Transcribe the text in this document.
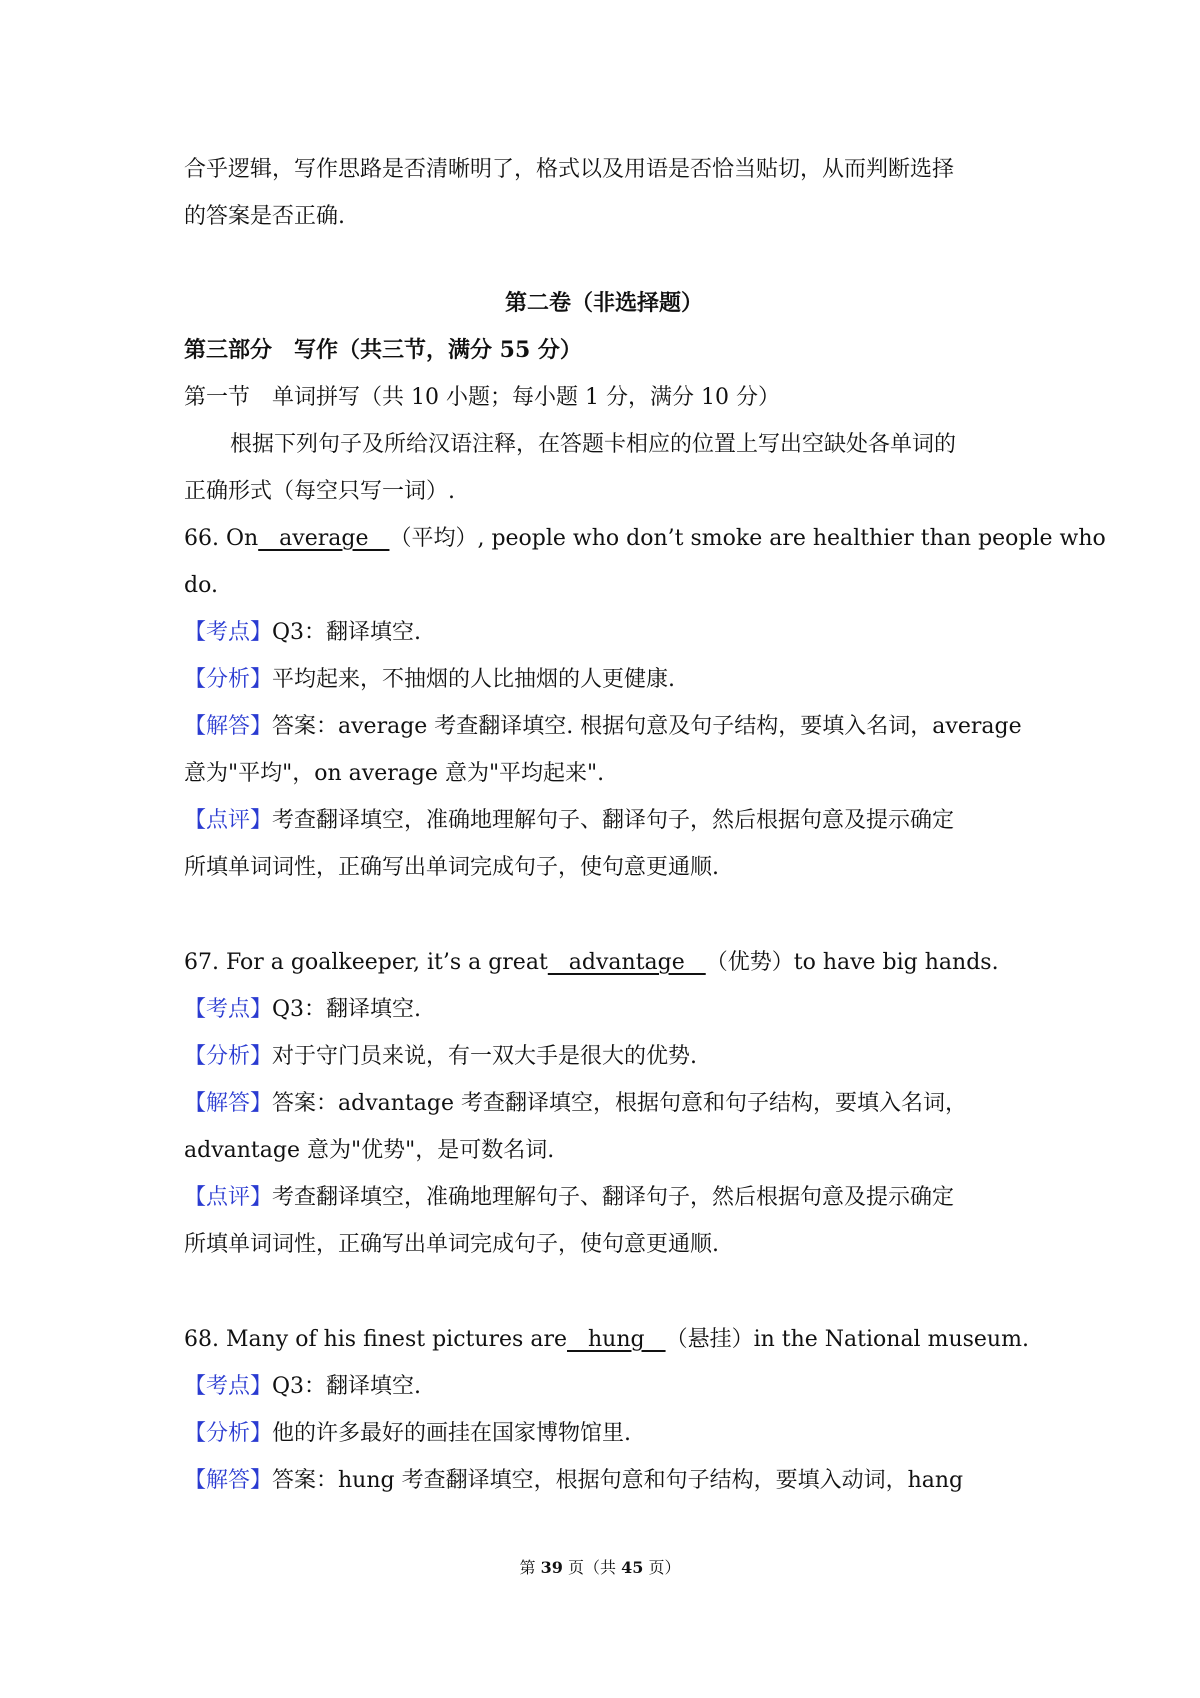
合乎逻辑，写作思路是否清晰明了，格式以及用语是否恰当贴切，从而判断选择
的答案是否正确.
第二卷（非选择题）
第三部分　写作（共三节，满分 55 分）
第一节　单词拼写（共 10 小题；每小题 1 分，满分 10 分）
根据下列句子及所给汉语注释，在答题卡相应的位置上写出空缺处各单词的
正确形式（每空只写一词）.
66. On   average   （平均）, people who don’t smoke are healthier than people who
do.
【考点】Q3：翻译填空.
【分析】平均起来，不抽烟的人比抽烟的人更健康.
【解答】答案：average 考查翻译填空. 根据句意及句子结构，要填入名词，average
意为"平均"，on average 意为"平均起来".
【点评】考查翻译填空，准确地理解句子、翻译句子，然后根据句意及提示确定
所填单词词性，正确写出单词完成句子，使句意更通顺.
67. For a goalkeeper, it’s a great   advantage   （优势）to have big hands.
【考点】Q3：翻译填空.
【分析】对于守门员来说，有一双大手是很大的优势.
【解答】答案：advantage 考查翻译填空，根据句意和句子结构，要填入名词，
advantage 意为"优势"，是可数名词.
【点评】考查翻译填空，准确地理解句子、翻译句子，然后根据句意及提示确定
所填单词词性，正确写出单词完成句子，使句意更通顺.
68. Many of his finest pictures are   hung   （悬挂）in the National museum.
【考点】Q3：翻译填空.
【分析】他的许多最好的画挂在国家博物馆里.
【解答】答案：hung 考查翻译填空，根据句意和句子结构，要填入动词，hang
第 39 页（共 45 页）
